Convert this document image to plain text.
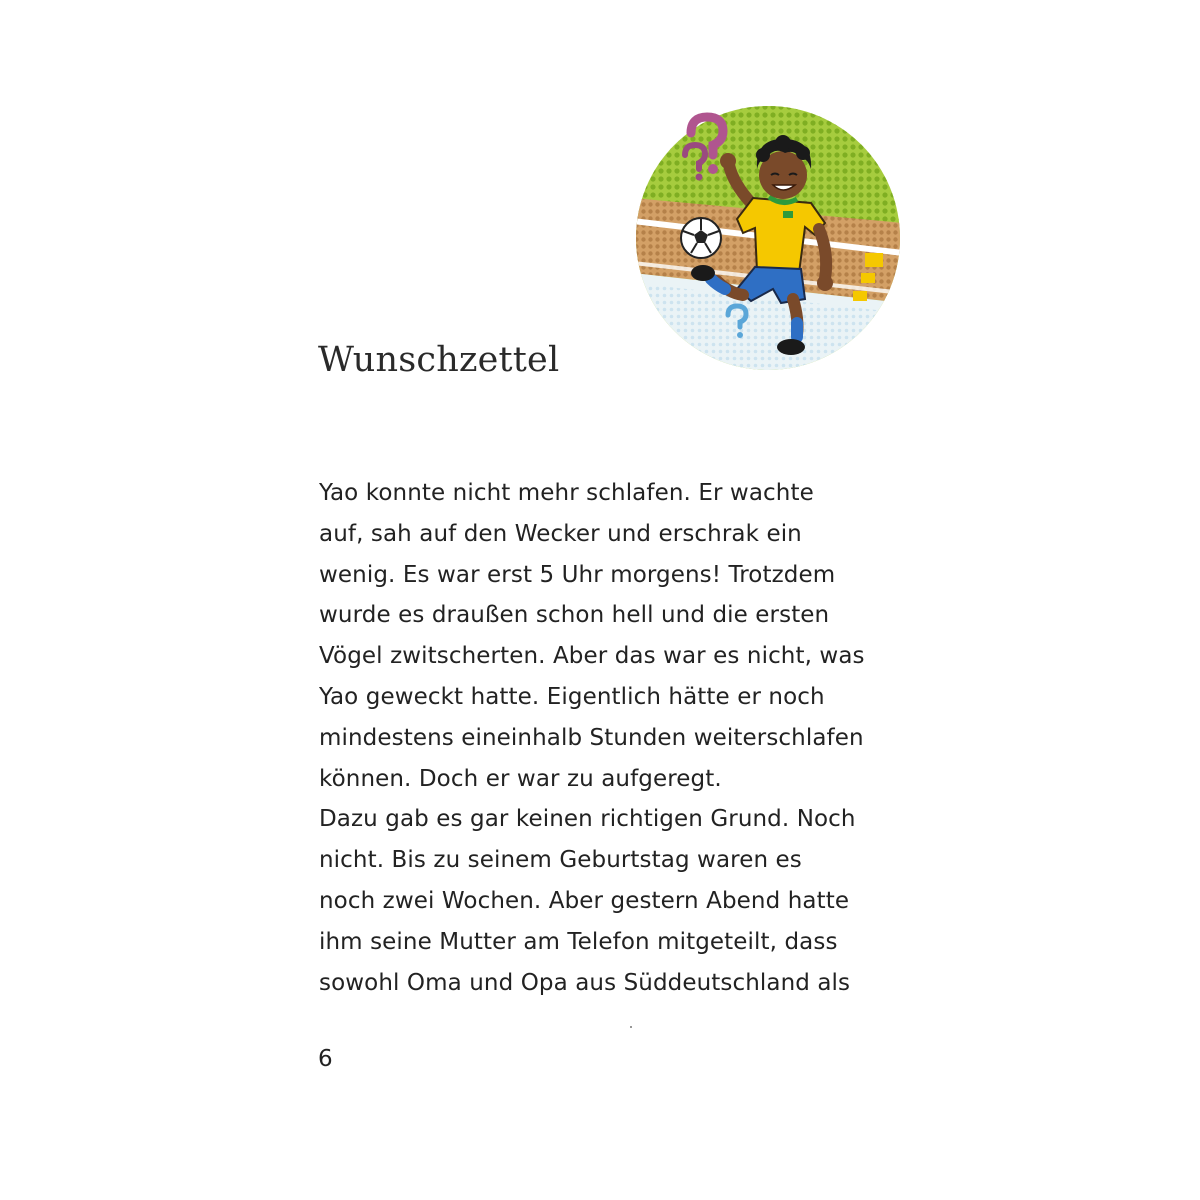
Wunschzettel
Yao konnte nicht mehr schlafen. Er wachte
auf, sah auf den Wecker und erschrak ein
wenig. Es war erst 5 Uhr morgens! Trotzdem
wurde es draußen schon hell und die ersten
Vögel zwitscherten. Aber das war es nicht, was
Yao geweckt hatte. Eigentlich hätte er noch
mindestens eineinhalb Stunden weiterschlafen
können. Doch er war zu aufgeregt.
Dazu gab es gar keinen richtigen Grund. Noch
nicht. Bis zu seinem Geburtstag waren es
noch zwei Wochen. Aber gestern Abend hatte
ihm seine Mutter am Telefon mitgeteilt, dass
sowohl Oma und Opa aus Süddeutschland als
6
